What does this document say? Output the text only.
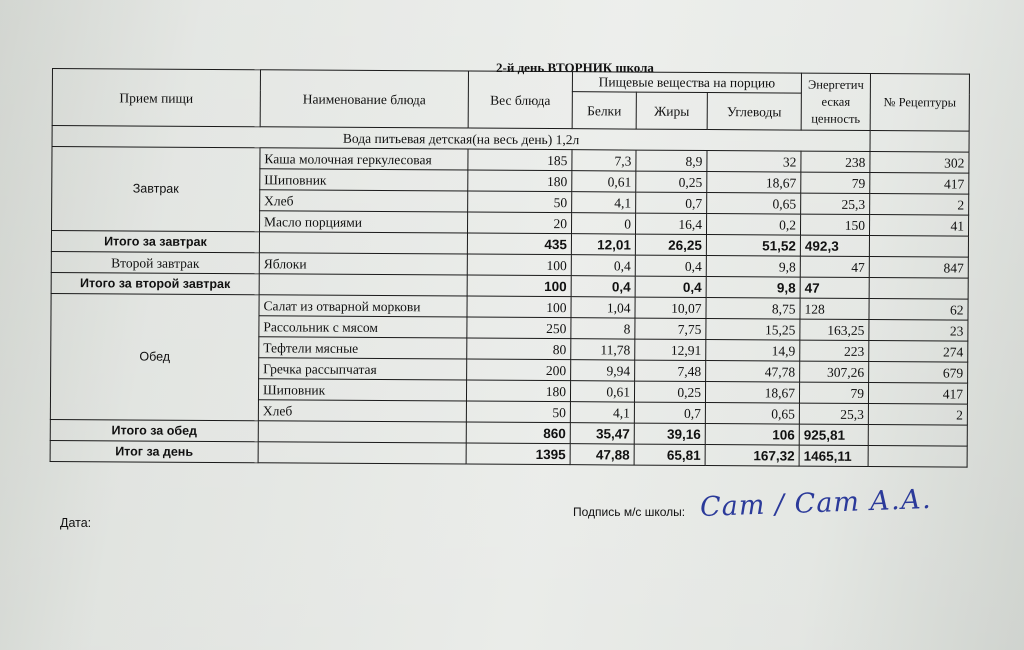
2-й день ВТОРНИК школа
Прием пищи	Наименование блюда	Вес блюда	Пищевые вещества на порцию			Энергетич
еская
ценность	№ Рецептуры
			Белки	Жиры	Углеводы		
Вода питьевая детская(на весь день) 1,2л							
Завтрак	Каша молочная геркулесовая	185	7,3	8,9	32	238	302
	Шиповник	180	0,61	0,25	18,67	79	417
	Хлеб	50	4,1	0,7	0,65	25,3	2
	Масло порциями	20	0	16,4	0,2	150	41
Итого за завтрак		435	12,01	26,25	51,52	492,3	
Второй завтрак	Яблоки	100	0,4	0,4	9,8	47	847
Итого за второй завтрак		100	0,4	0,4	9,8	47	
Обед	Салат из отварной моркови	100	1,04	10,07	8,75	128	62
	Рассольник с мясом	250	8	7,75	15,25	163,25	23
	Тефтели мясные	80	11,78	12,91	14,9	223	274
	Гречка рассыпчатая	200	9,94	7,48	47,78	307,26	679
	Шиповник	180	0,61	0,25	18,67	79	417
	Хлеб	50	4,1	0,7	0,65	25,3	2
Итого за обед		860	35,47	39,16	106	925,81	
Итог за день		1395	47,88	65,81	167,32	1465,11	
Дата:
Подпись м/с школы: Сат / Сат А.А.
